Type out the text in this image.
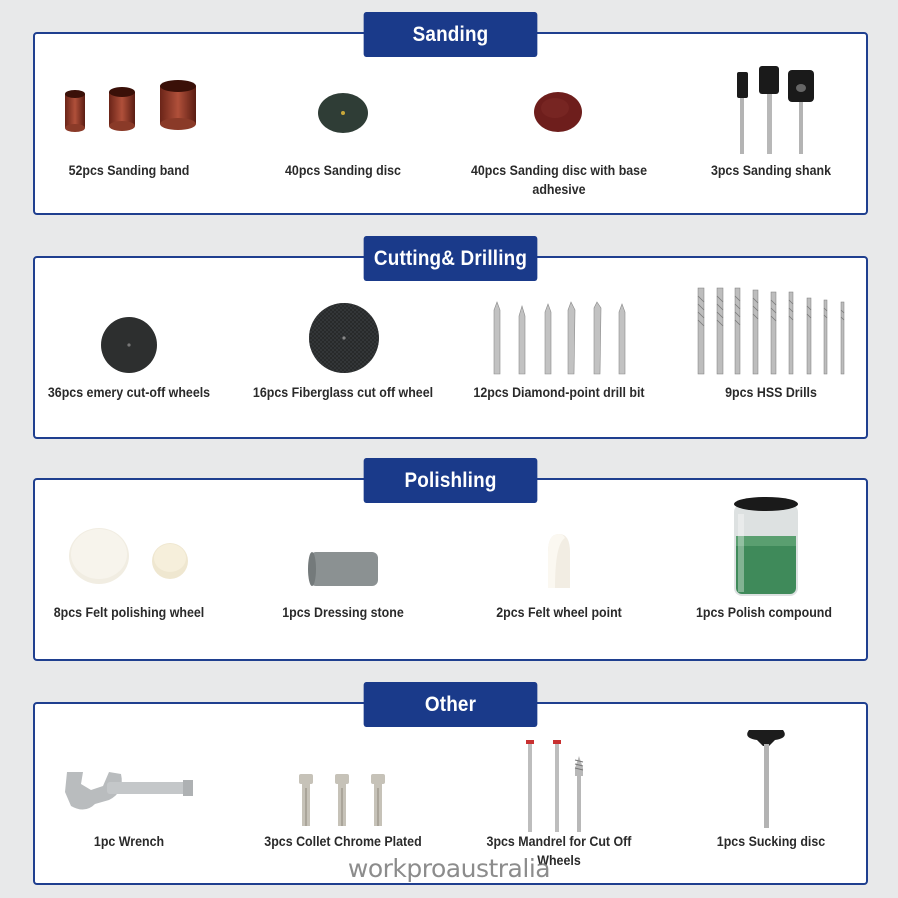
Sanding
52pcs Sanding band	40pcs Sanding disc	40pcs Sanding disc with base adhesive
3pcs Sanding shank
Cutting& Drilling
36pcs emery cut-off wheels	16pcs Fiberglass cut off wheel	12pcs Diamond-point drill bit	9pcs HSS Drills
Polishling
8pcs Felt polishing wheel	1pcs Dressing stone	2pcs Felt wheel point	1pcs Polish compound
Other
1pc Wrench	3pcs Collet Chrome Plated	3pcs Mandrel for Cut Off Wheels
1pcs Sucking disc
workproaustralia
